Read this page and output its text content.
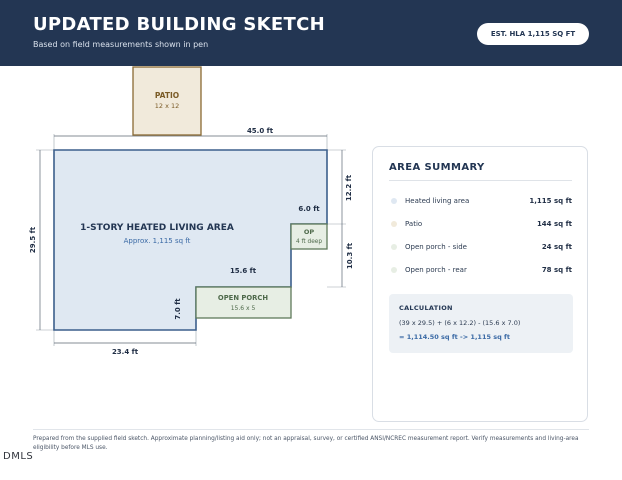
UPDATED BUILDING SKETCH
Based on field measurements shown in pen
EST. HLA 1,115 SQ FT
PATIO
12 x 12
1-STORY HEATED LIVING AREA
Approx. 1,115 sq ft
OP
4 ft deep
OPEN PORCH
15.6 x 5
45.0 ft
29.5 ft
12.2 ft
6.0 ft
10.3 ft
15.6 ft
7.0 ft
23.4 ft
AREA SUMMARY
Heated living area	1,115 sq ft
Patio	144 sq ft
Open porch - side	24 sq ft
Open porch - rear	78 sq ft
CALCULATION
(39 x 29.5) + (6 x 12.2) - (15.6 x 7.0)
= 1,114.50 sq ft -> 1,115 sq ft
Prepared from the supplied field sketch. Approximate planning/listing aid only; not an appraisal, survey, or certified ANSI/NCREC measurement report. Verify measurements and living-area eligibility before MLS use.
DMLS
